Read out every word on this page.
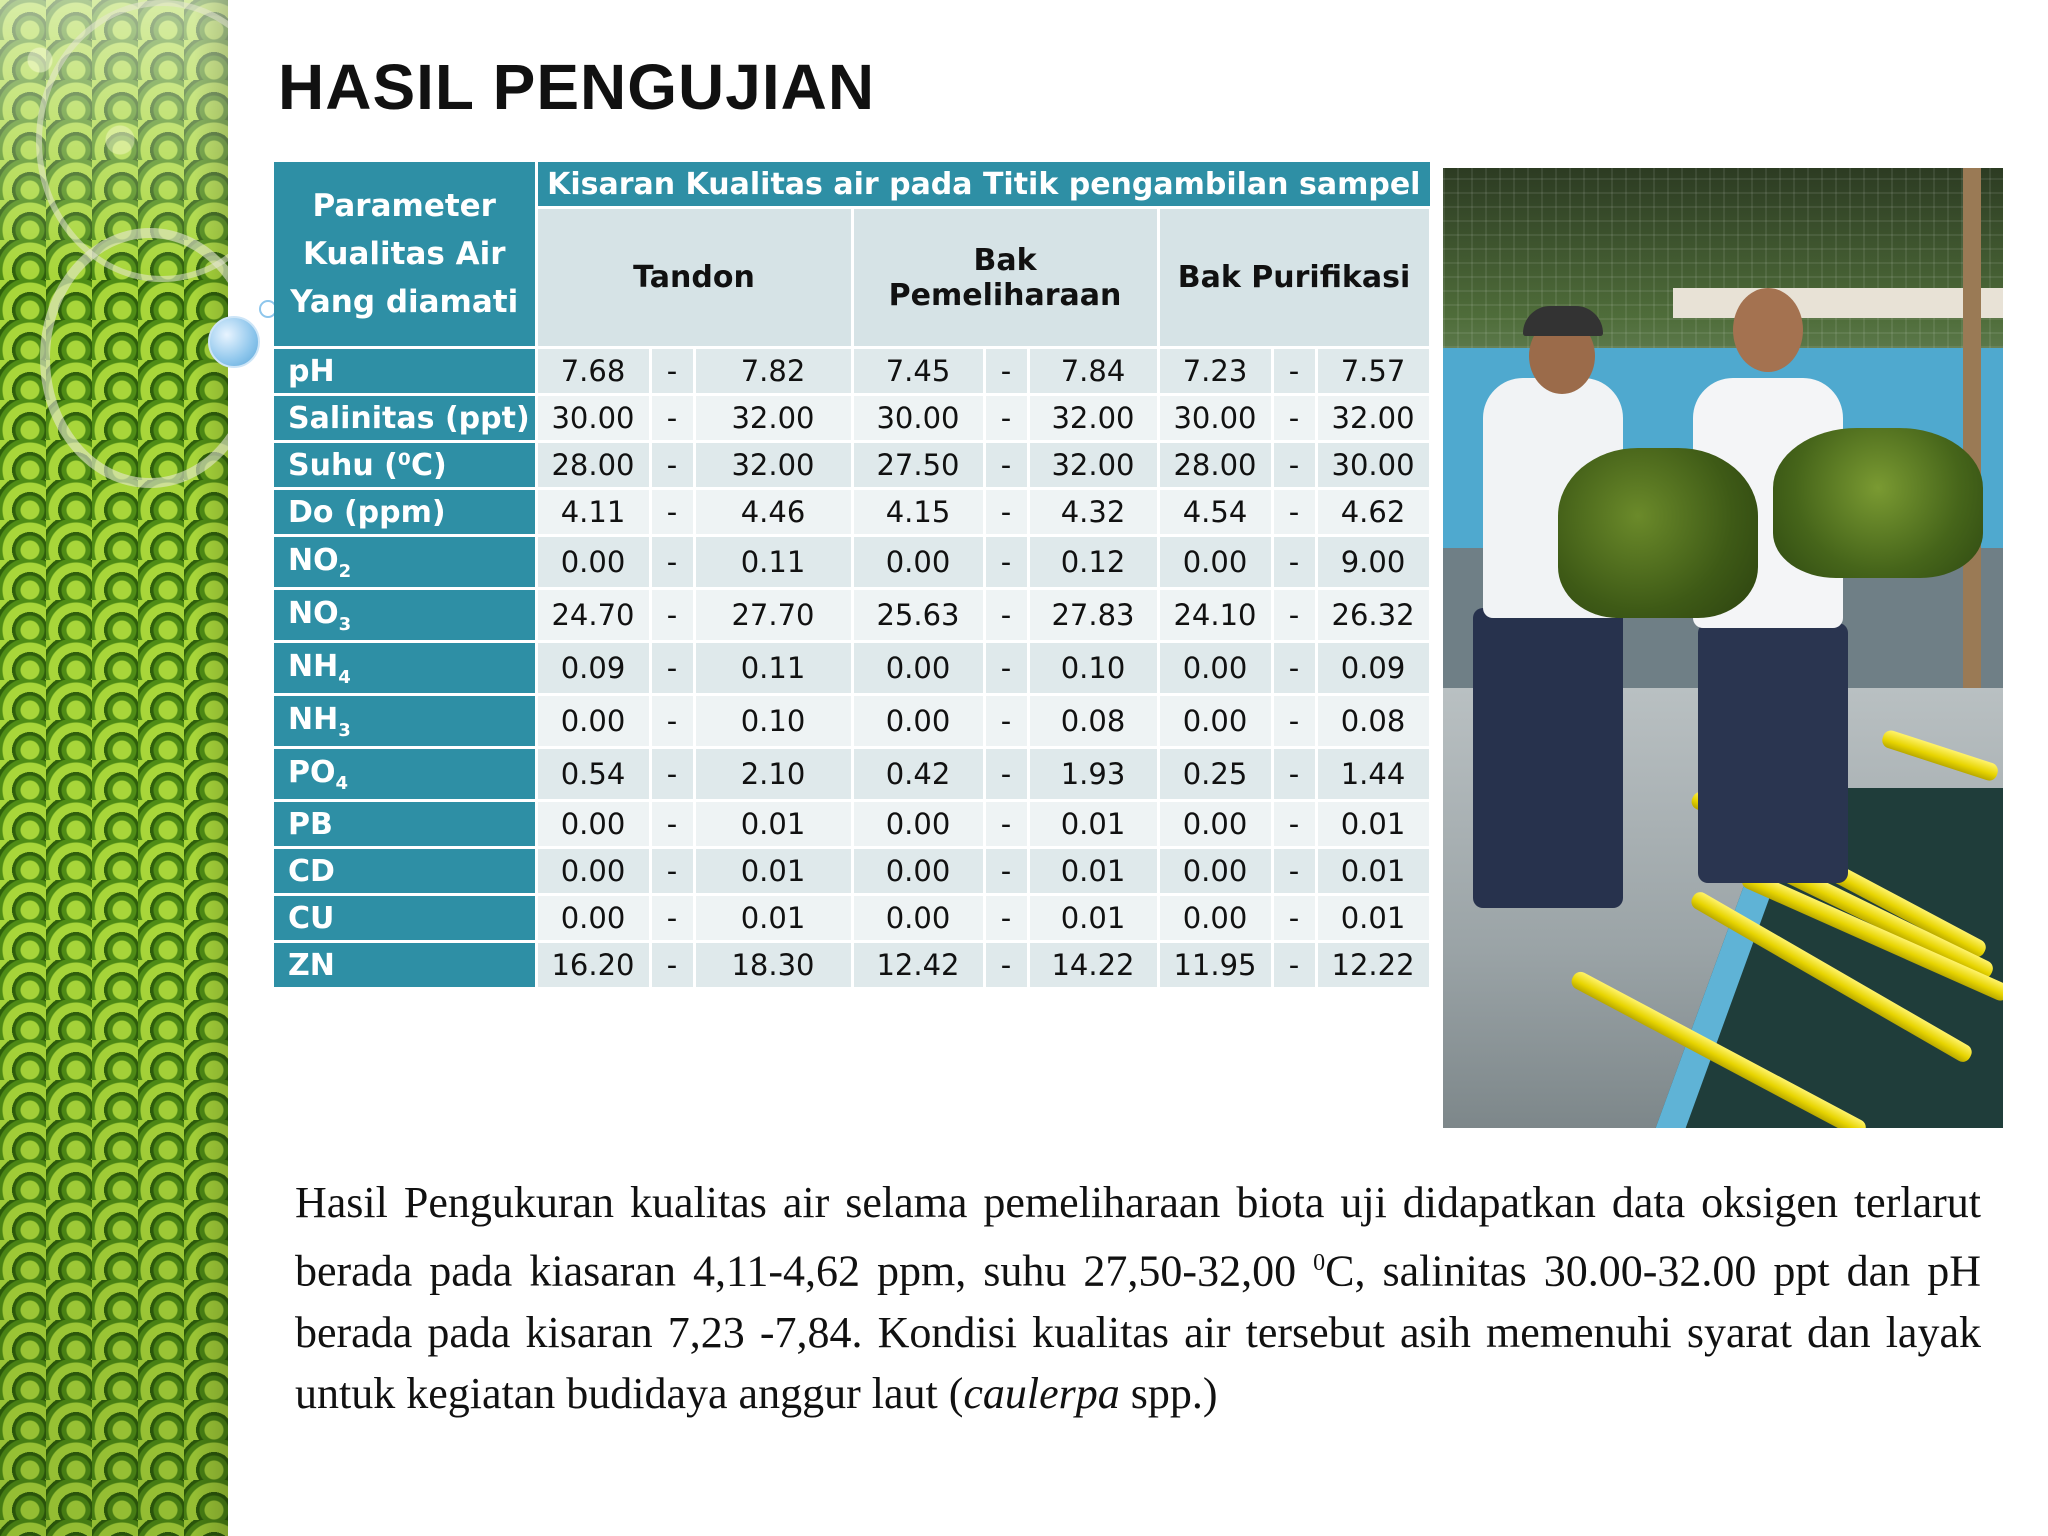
HASIL PENGUJIAN
Parameter
Kualitas Air
Yang diamati	Kisaran Kualitas air pada Titik pengambilan sampel								
	Tandon			Bak Pemeliharaan			Bak Purifikasi		
pH	7.68	-	7.82	7.45	-	7.84	7.23	-	7.57
Salinitas (ppt)	30.00	-	32.00	30.00	-	32.00	30.00	-	32.00
Suhu (⁰C)	28.00	-	32.00	27.50	-	32.00	28.00	-	30.00
Do (ppm)	4.11	-	4.46	4.15	-	4.32	4.54	-	4.62
$NO_2$	0.00	-	0.11	0.00	-	0.12	0.00	-	9.00
$NO_3$	24.70	-	27.70	25.63	-	27.83	24.10	-	26.32
$NH_4$	0.09	-	0.11	0.00	-	0.10	0.00	-	0.09
$NH_3$	0.00	-	0.10	0.00	-	0.08	0.00	-	0.08
$PO_4$	0.54	-	2.10	0.42	-	1.93	0.25	-	1.44
PB	0.00	-	0.01	0.00	-	0.01	0.00	-	0.01
CD	0.00	-	0.01	0.00	-	0.01	0.00	-	0.01
CU	0.00	-	0.01	0.00	-	0.01	0.00	-	0.01
ZN	16.20	-	18.30	12.42	-	14.22	11.95	-	12.22

Hasil Pengukuran kualitas air selama pemeliharaan biota uji didapatkan data oksigen terlarut berada pada kiasaran 4,11-4,62 ppm, suhu 27,50-32,00 $^0$C, salinitas 30.00-32.00 ppt dan pH berada pada kisaran 7,23 -7,84. Kondisi kualitas air tersebut asih memenuhi syarat dan layak untuk kegiatan budidaya anggur laut (caulerpa spp.)
